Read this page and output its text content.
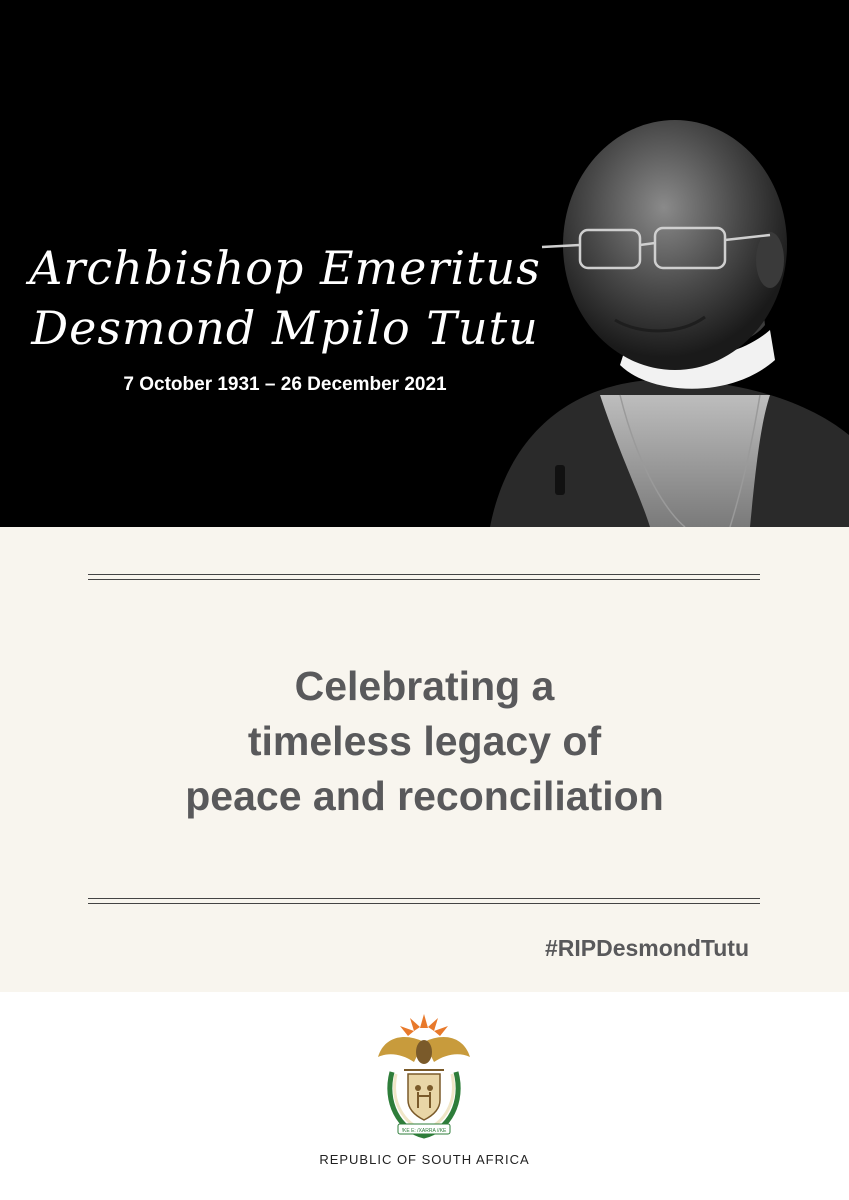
Archbishop Emeritus
Desmond Mpilo Tutu
7 October 1931 – 26 December 2021
Celebrating a
timeless legacy of
peace and reconciliation
#RIPDesmondTutu
!KE E: /XARRA //KE
REPUBLIC OF SOUTH AFRICA
